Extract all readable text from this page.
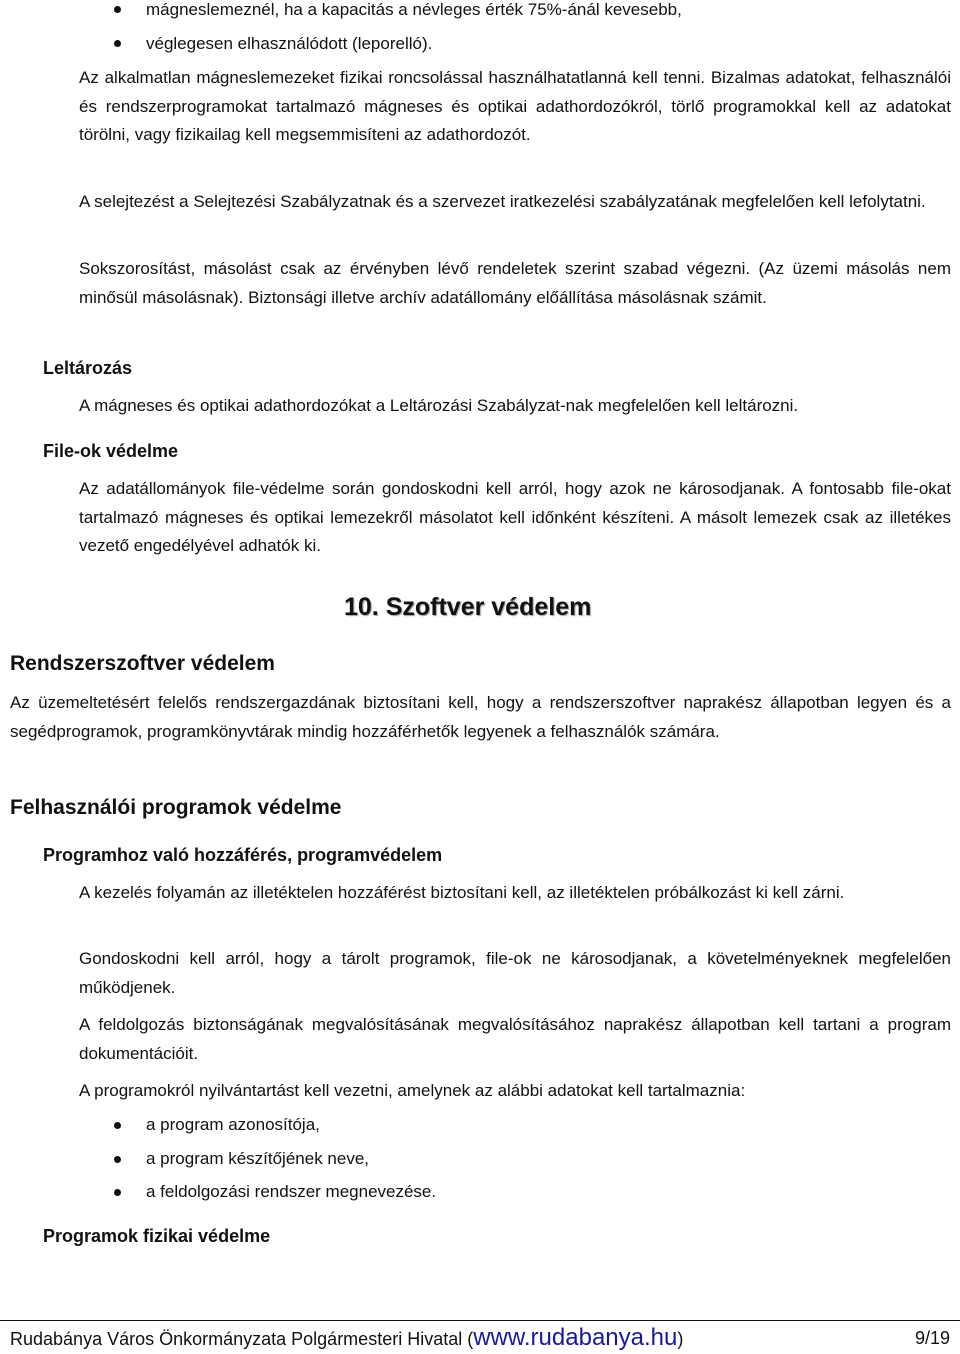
mágneslemeznél, ha a kapacitás a névleges érték 75%-ánál kevesebb,

véglegesen elhasználódott (leporelló).

Az alkalmatlan mágneslemezeket fizikai roncsolással használhatatlanná kell tenni. Bizalmas adatokat, felhasználói és rendszerprogramokat tartalmazó mágneses és optikai adathordozókról, törlő programokkal kell az adatokat törölni, vagy fizikailag kell megsemmisíteni az adathordozót.

A selejtezést a Selejtezési Szabályzatnak és a szervezet iratkezelési szabályzatának megfelelően kell lefolytatni.

Sokszorosítást, másolást csak az érvényben lévő rendeletek szerint szabad végezni. (Az üzemi másolás nem minősül másolásnak). Biztonsági illetve archív adatállomány előállítása másolásnak számit.

Leltározás

A mágneses és optikai adathordozókat a Leltározási Szabályzat-nak megfelelően kell leltározni.

File-ok védelme

Az adatállományok file-védelme során gondoskodni kell arról, hogy azok ne károsodjanak. A fontosabb file-okat tartalmazó mágneses és optikai lemezekről másolatot kell időnként készíteni. A másolt lemezek csak az illetékes vezető engedélyével adhatók ki.

10. Szoftver védelem

Rendszerszoftver védelem

Az üzemeltetésért felelős rendszergazdának biztosítani kell, hogy a rendszerszoftver naprakész állapotban legyen és a segédprogramok, programkönyvtárak mindig hozzáférhetők legyenek a felhasználók számára.

Felhasználói programok védelme

Programhoz való hozzáférés, programvédelem

A kezelés folyamán az illetéktelen hozzáférést biztosítani kell, az illetéktelen próbálkozást ki kell zárni.

Gondoskodni kell arról, hogy a tárolt programok, file-ok ne károsodjanak, a követelményeknek megfelelően működjenek.

A feldolgozás biztonságának megvalósításának megvalósításához naprakész állapotban kell tartani a program dokumentációit.

A programokról nyilvántartást kell vezetni, amelynek az alábbi adatokat kell tartalmaznia:

a program azonosítója,

a program készítőjének neve,

a feldolgozási rendszer megnevezése.

Programok fizikai védelme

Rudabánya Város Önkormányzata Polgármesteri Hivatal (www.rudabanya.hu)	9/19
